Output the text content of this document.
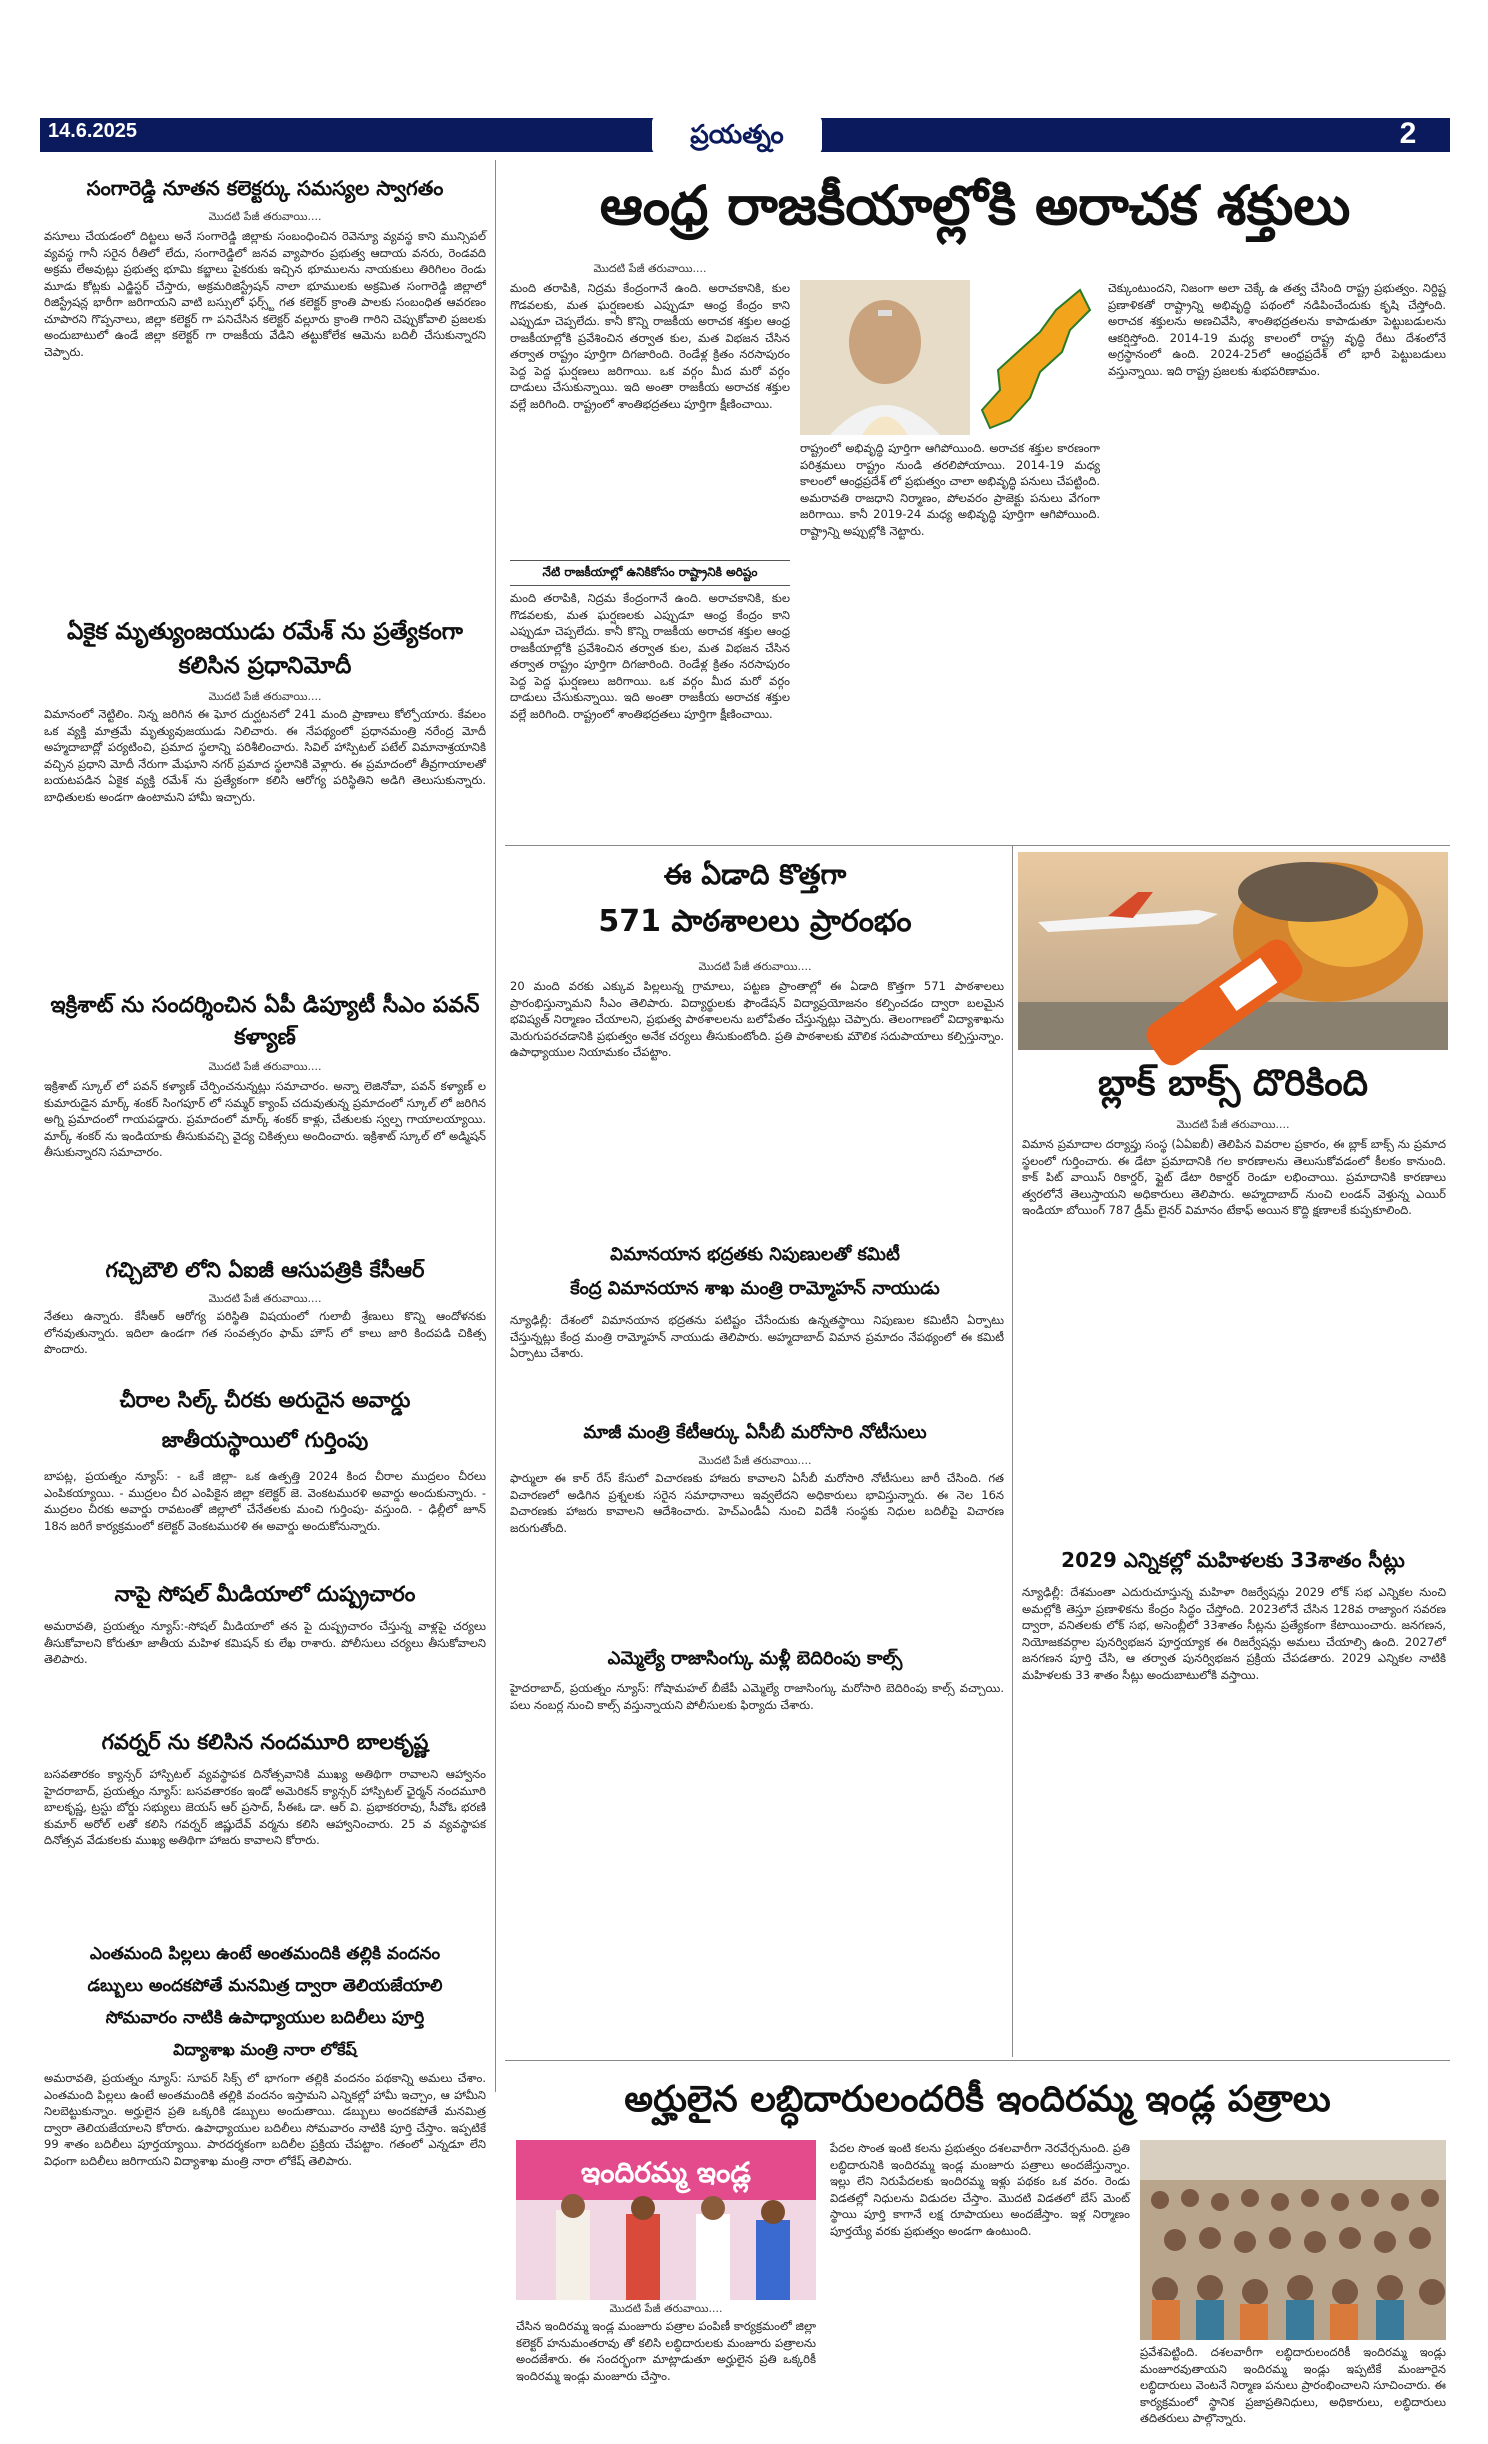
14.6.2025	ప్రయత్నం	2
సంగారెడ్డి నూతన కలెక్టర్కు సమస్యల స్వాగతం
మొదటి పేజీ తరువాయి....
వసూలు చేయడంలో దిట్టలు అనే సంగారెడ్డి జిల్లాకు సంబంధించిన రెవెన్యూ వ్యవస్థ కాని మున్సిపల్ వ్యవస్థ గానీ సరైన రీతిలో లేదు, సంగారెడ్డిలో జనవ వ్యాపారం ప్రభుత్వ ఆదాయ వనరు, రెండవది అక్రమ లేఅవుట్లు ప్రభుత్వ భూమి కబ్జాలు పైకరుకు ఇచ్చిన భూములను నాయకులు తిరిగిలం రెండు మూడు కోట్లకు ఎడ్జిస్టర్ చేస్తారు, అక్రమరిజిస్ట్రేషన్ నాలా భూములకు అక్రమిత సంగారెడ్డి జిల్లాలో రిజిస్ట్రేషన్ల భారీగా జరిగాయని వాటి బస్సులో ఫర్స్ట్ గత కలెక్టర్ క్రాంతి పాలకు సంబంధిత ఆవరణం చూపారని గొప్పనాలు, జిల్లా కలెక్టర్ గా పనిచేసిన కలెక్టర్ వల్లూరు క్రాంతి గారిని చెప్పుకోవాలి ప్రజలకు అందుబాటులో ఉండే జిల్లా కలెక్టర్ గా రాజకీయ వేడిని తట్టుకోలేక ఆమెను బదిలీ చేసుకున్నారని చెప్పారు.
ఏకైక మృత్యుంజయుడు రమేశ్ ను ప్రత్యేకంగా కలిసిన ప్రధానిమోదీ
మొదటి పేజీ తరువాయి....
విమానంలో నెట్టిలిం. నిన్న జరిగిన ఈ ఘోర దుర్ఘటనలో 241 మంది ప్రాణాలు కోల్పోయారు. కేవలం ఒక వ్యక్తి మాత్రమే మృత్యువుజయుడు నిలిచారు. ఈ నేపథ్యంలో ప్రధానమంత్రి నరేంద్ర మోదీ అహ్మదాబాద్లో పర్యటించి, ప్రమాద స్థలాన్ని పరిశీలించారు. సివిల్ హాస్పిటల్ పటేల్ విమానాశ్రయానికి వచ్చిన ప్రధాని మోదీ నేరుగా మేఘాని నగర్ ప్రమాద స్థలానికి వెళ్లారు. ఈ ప్రమాదంలో తీవ్రగాయాలతో బయటపడిన ఏకైక వ్యక్తి రమేశ్ ను ప్రత్యేకంగా కలిసి ఆరోగ్య పరిస్థితిని అడిగి తెలుసుకున్నారు. బాధితులకు అండగా ఉంటామని హామీ ఇచ్చారు.
ఇక్రిశాట్ ను సందర్శించిన ఏపీ డిప్యూటీ సీఎం పవన్ కళ్యాణ్
మొదటి పేజీ తరువాయి....
ఇక్రిశాట్ స్కూల్ లో పవన్ కళ్యాణ్ చేర్పించనున్నట్లు సమాచారం. అన్నా లెజినోవా, పవన్ కళ్యాణ్ ల కుమారుడైన మార్క్ శంకర్ సింగపూర్ లో సమ్మర్ క్యాంప్ చదువుతున్న ప్రమాదంలో స్కూల్ లో జరిగిన అగ్ని ప్రమాదంలో గాయపడ్డారు. ప్రమాదంలో మార్క్ శంకర్ కాళ్లు, చేతులకు స్వల్ప గాయాలయ్యాయి. మార్క్ శంకర్ ను ఇండియాకు తీసుకువచ్చి వైద్య చికిత్సలు అందించారు. ఇక్రిశాట్ స్కూల్ లో అడ్మిషన్ తీసుకున్నారని సమాచారం.
గచ్చిబౌలి లోని ఏఐజీ ఆసుపత్రికి కేసీఆర్
మొదటి పేజీ తరువాయి....
నేతలు ఉన్నారు. కేసీఆర్ ఆరోగ్య పరిస్థితి విషయంలో గులాబీ శ్రేణులు కొన్ని ఆందోళనకు లోనవుతున్నారు. ఇదిలా ఉండగా గత సంవత్సరం ఫామ్ హౌస్ లో కాలు జారి కిందపడి చికిత్స పొందారు.
చీరాల సిల్క్ చీరకు అరుదైన అవార్డు
జాతీయస్థాయిలో గుర్తింపు
బాపట్ల, ప్రయత్నం న్యూస్: - ఒకే జిల్లా- ఒక ఉత్పత్తి 2024 కింద చీరాల ముద్రలం చీరలు ఎంపికయ్యాయి. - ముద్రలం చీర ఎంపికైన జిల్లా కలెక్టర్ జె. వెంకటమురళి అవార్డు అందుకున్నారు. - ముద్రలం చీరకు అవార్డు రావటంతో జిల్లాలో చేనేతలకు మంచి గుర్తింపు- వస్తుంది. - ఢిల్లీలో జూన్ 18న జరిగే కార్యక్రమంలో కలెక్టర్ వెంకటమురళి ఈ అవార్డు అందుకోనున్నారు.
నాపై సోషల్ మీడియాలో దుష్ప్రచారం
అమరావతి, ప్రయత్నం న్యూస్:-సోషల్ మీడియాలో తన పై దుష్ప్రచారం చేస్తున్న వాళ్లపై చర్యలు తీసుకోవాలని కోరుతూ జాతీయ మహిళ కమిషన్ కు లేఖ రాశారు. పోలీసులు చర్యలు తీసుకోవాలని తెలిపారు.
గవర్నర్ ను కలిసిన నందమూరి బాలకృష్ణ
బసవతారకం క్యాన్సర్ హాస్పిటల్ వ్యవస్థాపక దినోత్సవానికి ముఖ్య అతిథిగా రావాలని ఆహ్వానం హైదరాబాద్, ప్రయత్నం న్యూస్: బసవతారకం ఇండో అమెరికన్ క్యాన్సర్ హాస్పిటల్ ఛైర్మన్ నందమూరి బాలకృష్ణ, ట్రస్టు బోర్డు సభ్యులు జెయస్ ఆర్ ప్రసాద్, సీఈఓ డా. ఆర్ వి. ప్రభాకరరావు, సీవోఓ భరణి కుమార్ అరోల్ లతో కలిసి గవర్నర్ జిష్ణుదేవ్ వర్మను కలిసి ఆహ్వానించారు. 25 వ వ్యవస్థాపక దినోత్సవ వేడుకలకు ముఖ్య అతిథిగా హాజరు కావాలని కోరారు.
ఎంతమంది పిల్లలు ఉంటే అంతమందికి తల్లికి వందనం
డబ్బులు అందకపోతే మనమిత్ర ద్వారా తెలియజేయాలి
సోమవారం నాటికి ఉపాధ్యాయుల బదిలీలు పూర్తి
విద్యాశాఖ మంత్రి నారా లోకేష్
అమరావతి, ప్రయత్నం న్యూస్: సూపర్ సిక్స్ లో భాగంగా తల్లికి వందనం పథకాన్ని అమలు చేశాం. ఎంతమంది పిల్లలు ఉంటే అంతమందికి తల్లికి వందనం ఇస్తామని ఎన్నికల్లో హామీ ఇచ్చాం, ఆ హామీని నిలబెట్టుకున్నాం. అర్హులైన ప్రతి ఒక్కరికి డబ్బులు అందుతాయి. డబ్బులు అందకపోతే మనమిత్ర ద్వారా తెలియజేయాలని కోరారు. ఉపాధ్యాయుల బదిలీలు సోమవారం నాటికి పూర్తి చేస్తాం. ఇప్పటికే 99 శాతం బదిలీలు పూర్తయ్యాయి. పారదర్శకంగా బదిలీల ప్రక్రియ చేపట్టాం. గతంలో ఎన్నడూ లేని విధంగా బదిలీలు జరిగాయని విద్యాశాఖ మంత్రి నారా లోకేష్ తెలిపారు.
ఆంధ్ర రాజకీయాల్లోకి అరాచక శక్తులు
మొదటి పేజీ తరువాయి....
మంది తరాపికి, నిద్రమ కేంద్రంగానే ఉంది. అరాచకానికి, కుల గొడవలకు, మత ఘర్షణలకు ఎప్పుడూ ఆంధ్ర కేంద్రం కాని ఎప్పుడూ చెప్పలేదు. కానీ కొన్ని రాజకీయ అరాచక శక్తుల ఆంధ్ర రాజకీయాల్లోకి ప్రవేశించిన తర్వాత కుల, మత విభజన చేసిన తర్వాత రాష్ట్రం పూర్తిగా దిగజారింది. రెండేళ్ల క్రితం నరసాపురం పెద్ద పెద్ద ఘర్షణలు జరిగాయి. ఒక వర్గం మీద మరో వర్గం దాడులు చేసుకున్నాయి. ఇది అంతా రాజకీయ అరాచక శక్తుల వల్లే జరిగింది. రాష్ట్రంలో శాంతిభద్రతలు పూర్తిగా క్షీణించాయి.
రాష్ట్రంలో అభివృద్ధి పూర్తిగా ఆగిపోయింది. అరాచక శక్తుల కారణంగా పరిశ్రమలు రాష్ట్రం నుండి తరలిపోయాయి. 2014-19 మధ్య కాలంలో ఆంధ్రప్రదేశ్ లో ప్రభుత్వం చాలా అభివృద్ధి పనులు చేపట్టింది. అమరావతి రాజధాని నిర్మాణం, పోలవరం ప్రాజెక్టు పనులు వేగంగా జరిగాయి. కానీ 2019-24 మధ్య అభివృద్ధి పూర్తిగా ఆగిపోయింది. రాష్ట్రాన్ని అప్పుల్లోకి నెట్టారు.
చెక్కుంటుందని, నిజంగా అలా చెక్కే ఉ తత్వ చేసింది రాష్ట్ర ప్రభుత్వం. నిర్దిష్ట ప్రణాళికతో రాష్ట్రాన్ని అభివృద్ధి పథంలో నడిపించేందుకు కృషి చేస్తోంది. అరాచక శక్తులను అణచివేసి, శాంతిభద్రతలను కాపాడుతూ పెట్టుబడులను ఆకర్షిస్తోంది. 2014-19 మధ్య కాలంలో రాష్ట్ర వృద్ధి రేటు దేశంలోనే అగ్రస్థానంలో ఉంది. 2024-25లో ఆంధ్రప్రదేశ్ లో భారీ పెట్టుబడులు వస్తున్నాయి. ఇది రాష్ట్ర ప్రజలకు శుభపరిణామం.
నేటి రాజకీయాల్లో ఉనికికోసం రాష్ట్రానికి అరిష్టం
మంది తరాపికి, నిద్రమ కేంద్రంగానే ఉంది. అరాచకానికి, కుల గొడవలకు, మత ఘర్షణలకు ఎప్పుడూ ఆంధ్ర కేంద్రం కాని ఎప్పుడూ చెప్పలేదు. కానీ కొన్ని రాజకీయ అరాచక శక్తుల ఆంధ్ర రాజకీయాల్లోకి ప్రవేశించిన తర్వాత కుల, మత విభజన చేసిన తర్వాత రాష్ట్రం పూర్తిగా దిగజారింది. రెండేళ్ల క్రితం నరసాపురం పెద్ద పెద్ద ఘర్షణలు జరిగాయి. ఒక వర్గం మీద మరో వర్గం దాడులు చేసుకున్నాయి. ఇది అంతా రాజకీయ అరాచక శక్తుల వల్లే జరిగింది. రాష్ట్రంలో శాంతిభద్రతలు పూర్తిగా క్షీణించాయి.
ఈ ఏడాది కొత్తగా
571 పాఠశాలలు ప్రారంభం
మొదటి పేజీ తరువాయి....
20 మంది వరకు ఎక్కువ పిల్లలున్న గ్రామాలు, పట్టణ ప్రాంతాల్లో ఈ ఏడాది కొత్తగా 571 పాఠశాలలు ప్రారంభిస్తున్నామని సీఎం తెలిపారు. విద్యార్థులకు ఫౌండేషన్ విద్యాప్రయోజనం కల్పించడం ద్వారా బలమైన భవిష్యత్ నిర్మాణం చేయాలని, ప్రభుత్వ పాఠశాలలను బలోపేతం చేస్తున్నట్లు చెప్పారు. తెలంగాణలో విద్యాశాఖను మెరుగుపరచడానికి ప్రభుత్వం అనేక చర్యలు తీసుకుంటోంది. ప్రతి పాఠశాలకు మౌలిక సదుపాయాలు కల్పిస్తున్నాం. ఉపాధ్యాయుల నియామకం చేపట్టాం.
విమానయాన భద్రతకు నిపుణులతో కమిటీ
కేంద్ర విమానయాన శాఖ మంత్రి రామ్మోహన్ నాయుడు
న్యూఢిల్లీ: దేశంలో విమానయాన భద్రతను పటిష్టం చేసేందుకు ఉన్నతస్థాయి నిపుణుల కమిటీని ఏర్పాటు చేస్తున్నట్లు కేంద్ర మంత్రి రామ్మోహన్ నాయుడు తెలిపారు. అహ్మదాబాద్ విమాన ప్రమాదం నేపథ్యంలో ఈ కమిటీ ఏర్పాటు చేశారు.
మాజీ మంత్రి కేటీఆర్కు ఏసీబీ మరోసారి నోటీసులు
మొదటి పేజీ తరువాయి....
ఫార్ములా ఈ కార్ రేస్ కేసులో విచారణకు హాజరు కావాలని ఏసీబీ మరోసారి నోటీసులు జారీ చేసింది. గత విచారణలో అడిగిన ప్రశ్నలకు సరైన సమాధానాలు ఇవ్వలేదని అధికారులు భావిస్తున్నారు. ఈ నెల 16న విచారణకు హాజరు కావాలని ఆదేశించారు. హెచ్ఎండీఏ నుంచి విదేశీ సంస్థకు నిధుల బదిలీపై విచారణ జరుగుతోంది.
ఎమ్మెల్యే రాజాసింగ్కు మళ్లీ బెదిరింపు కాల్స్
హైదరాబాద్, ప్రయత్నం న్యూస్: గోషామహల్ బీజేపీ ఎమ్మెల్యే రాజాసింగ్కు మరోసారి బెదిరింపు కాల్స్ వచ్చాయి. పలు నంబర్ల నుంచి కాల్స్ వస్తున్నాయని పోలీసులకు ఫిర్యాదు చేశారు.
బ్లాక్ బాక్స్ దొరికింది
మొదటి పేజీ తరువాయి....
విమాన ప్రమాదాల దర్యాప్తు సంస్థ (ఏఏఐబీ) తెలిపిన వివరాల ప్రకారం, ఈ బ్లాక్ బాక్స్ ను ప్రమాద స్థలంలో గుర్తించారు. ఈ డేటా ప్రమాదానికి గల కారణాలను తెలుసుకోవడంలో కీలకం కానుంది. కాక్ పిట్ వాయిస్ రికార్డర్, ఫ్లైట్ డేటా రికార్డర్ రెండూ లభించాయి. ప్రమాదానికి కారణాలు త్వరలోనే తెలుస్తాయని అధికారులు తెలిపారు. అహ్మదాబాద్ నుంచి లండన్ వెళ్తున్న ఎయిర్ ఇండియా బోయింగ్ 787 డ్రీమ్ లైనర్ విమానం టేకాఫ్ అయిన కొద్ది క్షణాలకే కుప్పకూలింది.
2029 ఎన్నికల్లో మహిళలకు 33శాతం సీట్లు
న్యూఢిల్లీ: దేశమంతా ఎదురుచూస్తున్న మహిళా రిజర్వేషన్లు 2029 లోక్ సభ ఎన్నికల నుంచి అమల్లోకి తెస్తూ ప్రణాళికను కేంద్రం సిద్ధం చేస్తోంది. 2023లోనే చేసిన 128వ రాజ్యాంగ సవరణ ద్వారా, వనితలకు లోక్ సభ, అసెంబ్లీలో 33శాతం సీట్లను ప్రత్యేకంగా కేటాయించారు. జనగణన, నియోజకవర్గాల పునర్విభజన పూర్తయ్యాక ఈ రిజర్వేషన్లు అమలు చేయాల్సి ఉంది. 2027లో జనగణన పూర్తి చేసి, ఆ తర్వాత పునర్విభజన ప్రక్రియ చేపడతారు. 2029 ఎన్నికల నాటికి మహిళలకు 33 శాతం సీట్లు అందుబాటులోకి వస్తాయి.
అర్హులైన లబ్ధిదారులందరికీ ఇందిరమ్మ ఇండ్ల పత్రాలు
ఇందిరమ్మ ఇండ్ల
మొదటి పేజీ తరువాయి....
చేసిన ఇందిరమ్మ ఇండ్ల మంజూరు పత్రాల పంపిణీ కార్యక్రమంలో జిల్లా కలెక్టర్ హనుమంతరావు తో కలిసి లబ్ధిదారులకు మంజూరు పత్రాలను అందజేశారు. ఈ సందర్భంగా మాట్లాడుతూ అర్హులైన ప్రతి ఒక్కరికీ ఇందిరమ్మ ఇండ్లు మంజూరు చేస్తాం.
పేదల సొంత ఇంటి కలను ప్రభుత్వం దశలవారీగా నెరవేర్చనుంది. ప్రతి లబ్ధిదారునికి ఇందిరమ్మ ఇండ్ల మంజూరు పత్రాలు అందజేస్తున్నాం. ఇల్లు లేని నిరుపేదలకు ఇందిరమ్మ ఇళ్లు పథకం ఒక వరం. రెండు విడతల్లో నిధులను విడుదల చేస్తాం. మొదటి విడతలో బేస్ మెంట్ స్థాయి పూర్తి కాగానే లక్ష రూపాయలు అందజేస్తాం. ఇళ్ల నిర్మాణం పూర్తయ్యే వరకు ప్రభుత్వం అండగా ఉంటుంది.
ప్రవేశపెట్టింది. దశలవారీగా లబ్ధిదారులందరికీ ఇందిరమ్మ ఇండ్లు మంజూరవుతాయని ఇందిరమ్మ ఇండ్లు ఇప్పటికే మంజూరైన లబ్ధిదారులు వెంటనే నిర్మాణ పనులు ప్రారంభించాలని సూచించారు. ఈ కార్యక్రమంలో స్థానిక ప్రజాప్రతినిధులు, అధికారులు, లబ్ధిదారులు తదితరులు పాల్గొన్నారు.
